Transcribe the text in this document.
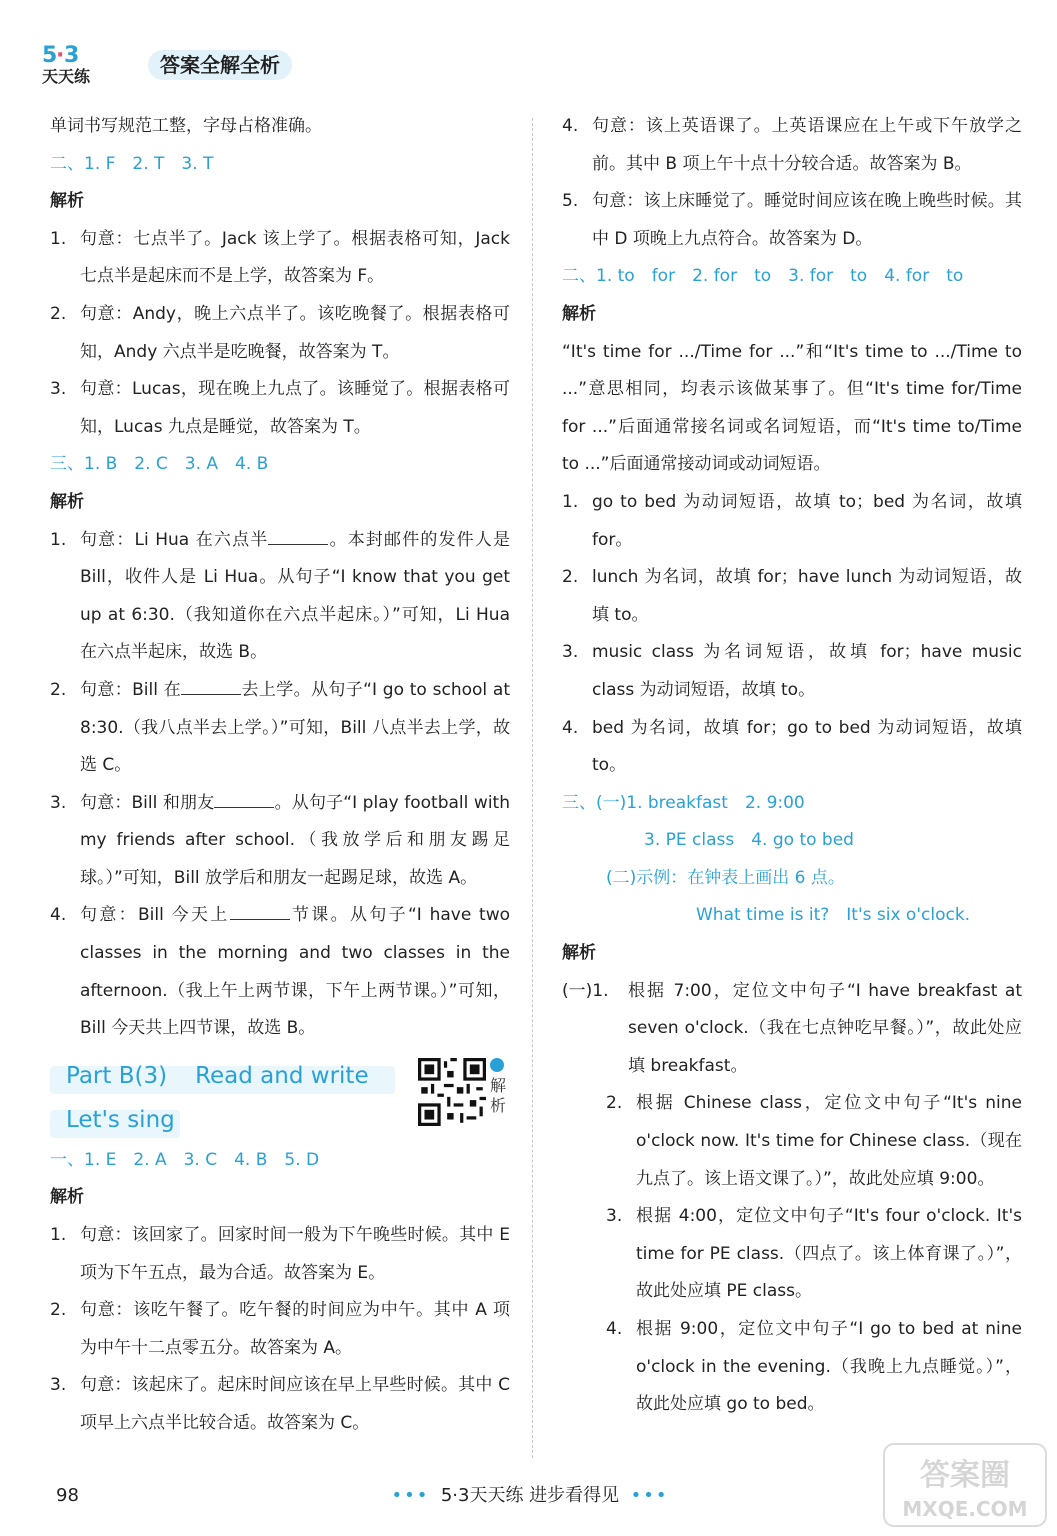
5
· 3
天天练	答案全解全析

单词书写规范工整，字母占格准确。

二、1. F　2. T　3. T

解析

1. 句意：七点半了。Jack 该上学了。根据表格可知，Jack 七点半是起床而不是上学，故答案为 F。
2. 句意：Andy，晚上六点半了。该吃晚餐了。根据表格可知，Andy 六点半是吃晚餐，故答案为 T。
3. 句意：Lucas，现在晚上九点了。该睡觉了。根据表格可知，Lucas 九点是睡觉，故答案为 T。

三、1. B　2. C　3. A　4. B

解析

1. 句意：Li Hua 在六点半	。本封邮件的发件人是 Bill，收件人是 Li Hua。从句子“I know that you get up at 6:30.（我知道你在六点半起床。）”可知，Li Hua 在六点半起床，故选 B。
2. 句意：Bill 在	去上学。从句子“I go to school at 8:30.（我八点半去上学。）”可知，Bill 八点半去上学，故选 C。
3. 句意：Bill 和朋友	。从句子“I play football with my friends after school.（我放学后和朋友踢足球。）”可知，Bill 放学后和朋友一起踢足球，故选 A。
4. 句意：Bill 今天上	节课。从句子“I have two classes in the morning and two classes in the afternoon.（我上午上两节课，下午上两节课。）”可知，Bill 今天共上四节课，故选 B。
Part B(3) Read and write
Let's sing
解析

一、1. E　2. A　3. C　4. B　5. D

解析

1. 句意：该回家了。回家时间一般为下午晚些时候。其中 E 项为下午五点，最为合适。故答案为 E。
2. 句意：该吃午餐了。吃午餐的时间应为中午。其中 A 项为中午十二点零五分。故答案为 A。
3. 句意：该起床了。起床时间应该在早上早些时候。其中 C 项早上六点半比较合适。故答案为 C。
4. 句意：该上英语课了。上英语课应在上午或下午放学之前。其中 B 项上午十点十分较合适。故答案为 B。
5. 句意：该上床睡觉了。睡觉时间应该在晚上晚些时候。其中 D 项晚上九点符合。故答案为 D。

二、1. to　for　2. for　to　3. for　to　4. for　to

解析

“It's time for .../Time for ...”和“It's time to .../Time to ...”意思相同，均表示该做某事了。但“It's time for/Time for ...”后面通常接名词或名词短语，而“It's time to/Time to ...”后面通常接动词或动词短语。

1. go to bed 为动词短语，故填 to；bed 为名词，故填 for。
2. lunch 为名词，故填 for；have lunch 为动词短语，故填 to。
3. music class 为名词短语，故填 for；have music class 为动词短语，故填 to。
4. bed 为名词，故填 for；go to bed 为动词短语，故填 to。

三、(一)1. breakfast　2. 9:00

3. PE class　4. go to bed

(二)示例：在钟表上画出 6 点。

What time is it?　It's six o'clock.

解析

(一)1.	根据 7:00，定位文中句子“I have breakfast at seven o'clock.（我在七点钟吃早餐。）”，故此处应填 breakfast。
2. 根据 Chinese class，定位文中句子“It's nine o'clock now. It's time for Chinese class.（现在九点了。该上语文课了。）”，故此处应填 9:00。
3. 根据 4:00，定位文中句子“It's four o'clock. It's time for PE class.（四点了。该上体育课了。）”，故此处应填 PE class。
4. 根据 9:00，定位文中句子“I go to bed at nine o'clock in the evening.（我晚上九点睡觉。）”，故此处应填 go to bed。
98	••• 5·3天天练 进步看得见 •••
答案圈
MXQE.COM
